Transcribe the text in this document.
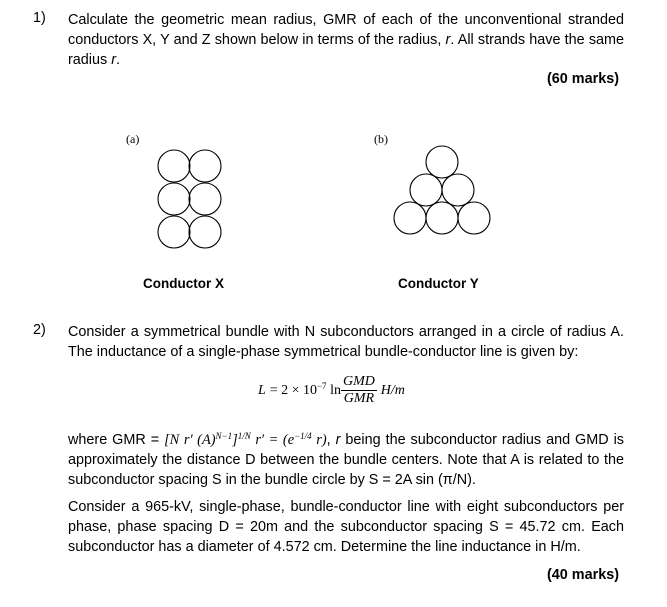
1) Calculate the geometric mean radius, GMR of each of the unconventional stranded conductors X, Y and Z shown below in terms of the radius, r. All strands have the same radius r.
(60 marks)
(a)	(b)
Conductor X	Conductor Y
2) Consider a symmetrical bundle with N subconductors arranged in a circle of radius A. The inductance of a single-phase symmetrical bundle-conductor line is given by:
$L = 2 \times 10^{-7}$ $\ln \frac{\text{GMD}}{\text{GMR}} H/m$
where GMR = [N r′ $(A)^{N-1}]^{1/N}$ $r' = (e^{-1/4}$ r), r being the subconductor radius and GMD is approximately the distance D between the bundle centers. Note that A is related to the subconductor spacing S in the bundle circle by S = 2A sin (π/N).
Consider a 965-kV, single-phase, bundle-conductor line with eight subconductors per phase, phase spacing D = 20m and the subconductor spacing S = 45.72 cm. Each subconductor has a diameter of 4.572 cm. Determine the line inductance in H/m.
(40 marks)
